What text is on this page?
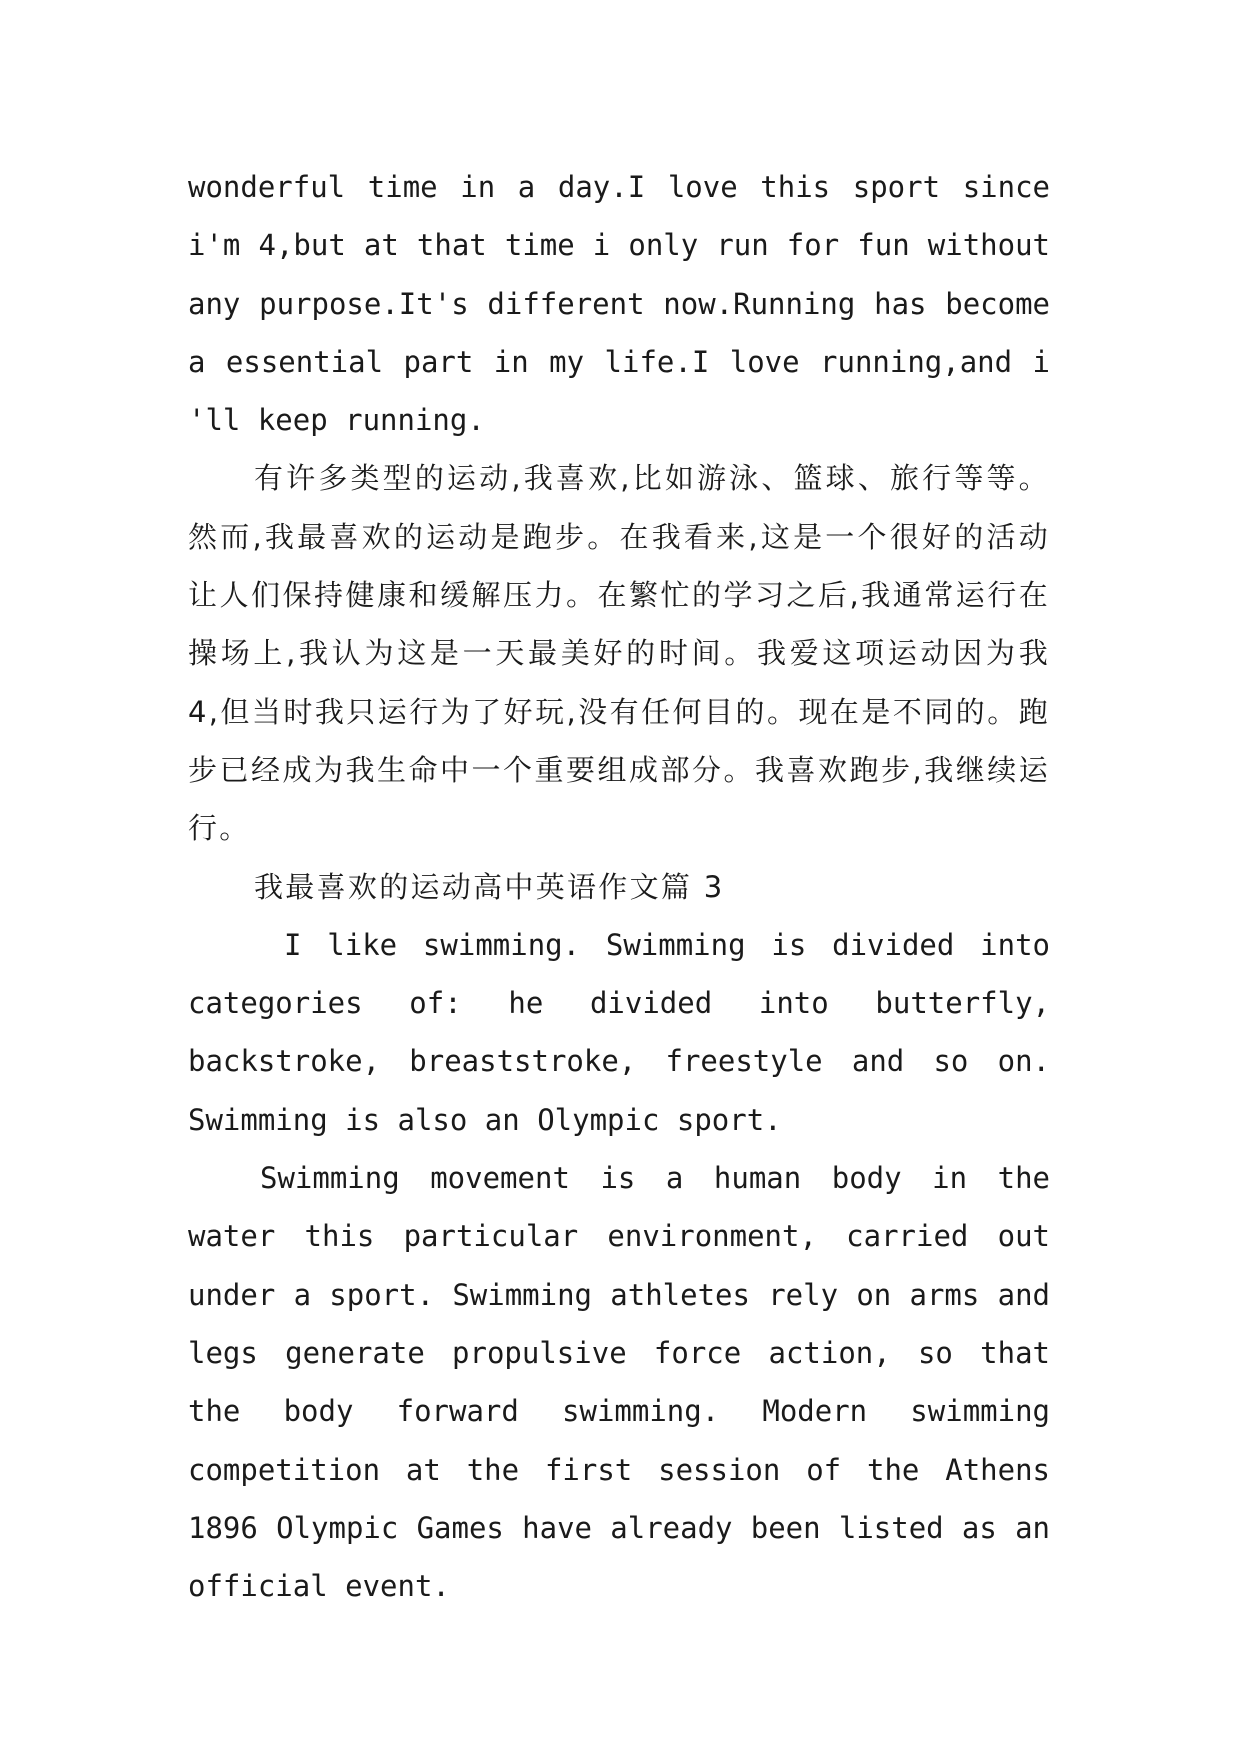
wonderful time in a day.I love this sport since i'm 4,but at that time i only run for fun without any purpose.It's different now.Running has become a essential part in my life.I love running,and i 'll keep running.

有许多类型的运动,我喜欢,比如游泳、篮球、旅行等等。然而,我最喜欢的运动是跑步。在我看来,这是一个很好的活动让人们保持健康和缓解压力。在繁忙的学习之后,我通常运行在操场上,我认为这是一天最美好的时间。我爱这项运动因为我 4,但当时我只运行为了好玩,没有任何目的。现在是不同的。跑步已经成为我生命中一个重要组成部分。我喜欢跑步,我继续运行。

我最喜欢的运动高中英语作文篇 3

I like swimming. Swimming is divided into categories of: he divided into butterfly, backstroke, breaststroke, freestyle and so on. Swimming is also an Olympic sport.

Swimming movement is a human body in the water this particular environment, carried out under a sport. Swimming athletes rely on arms and legs generate propulsive force action, so that the body forward swimming. Modern swimming competition at the first session of the Athens 1896 Olympic Games have already been listed as an official event.
